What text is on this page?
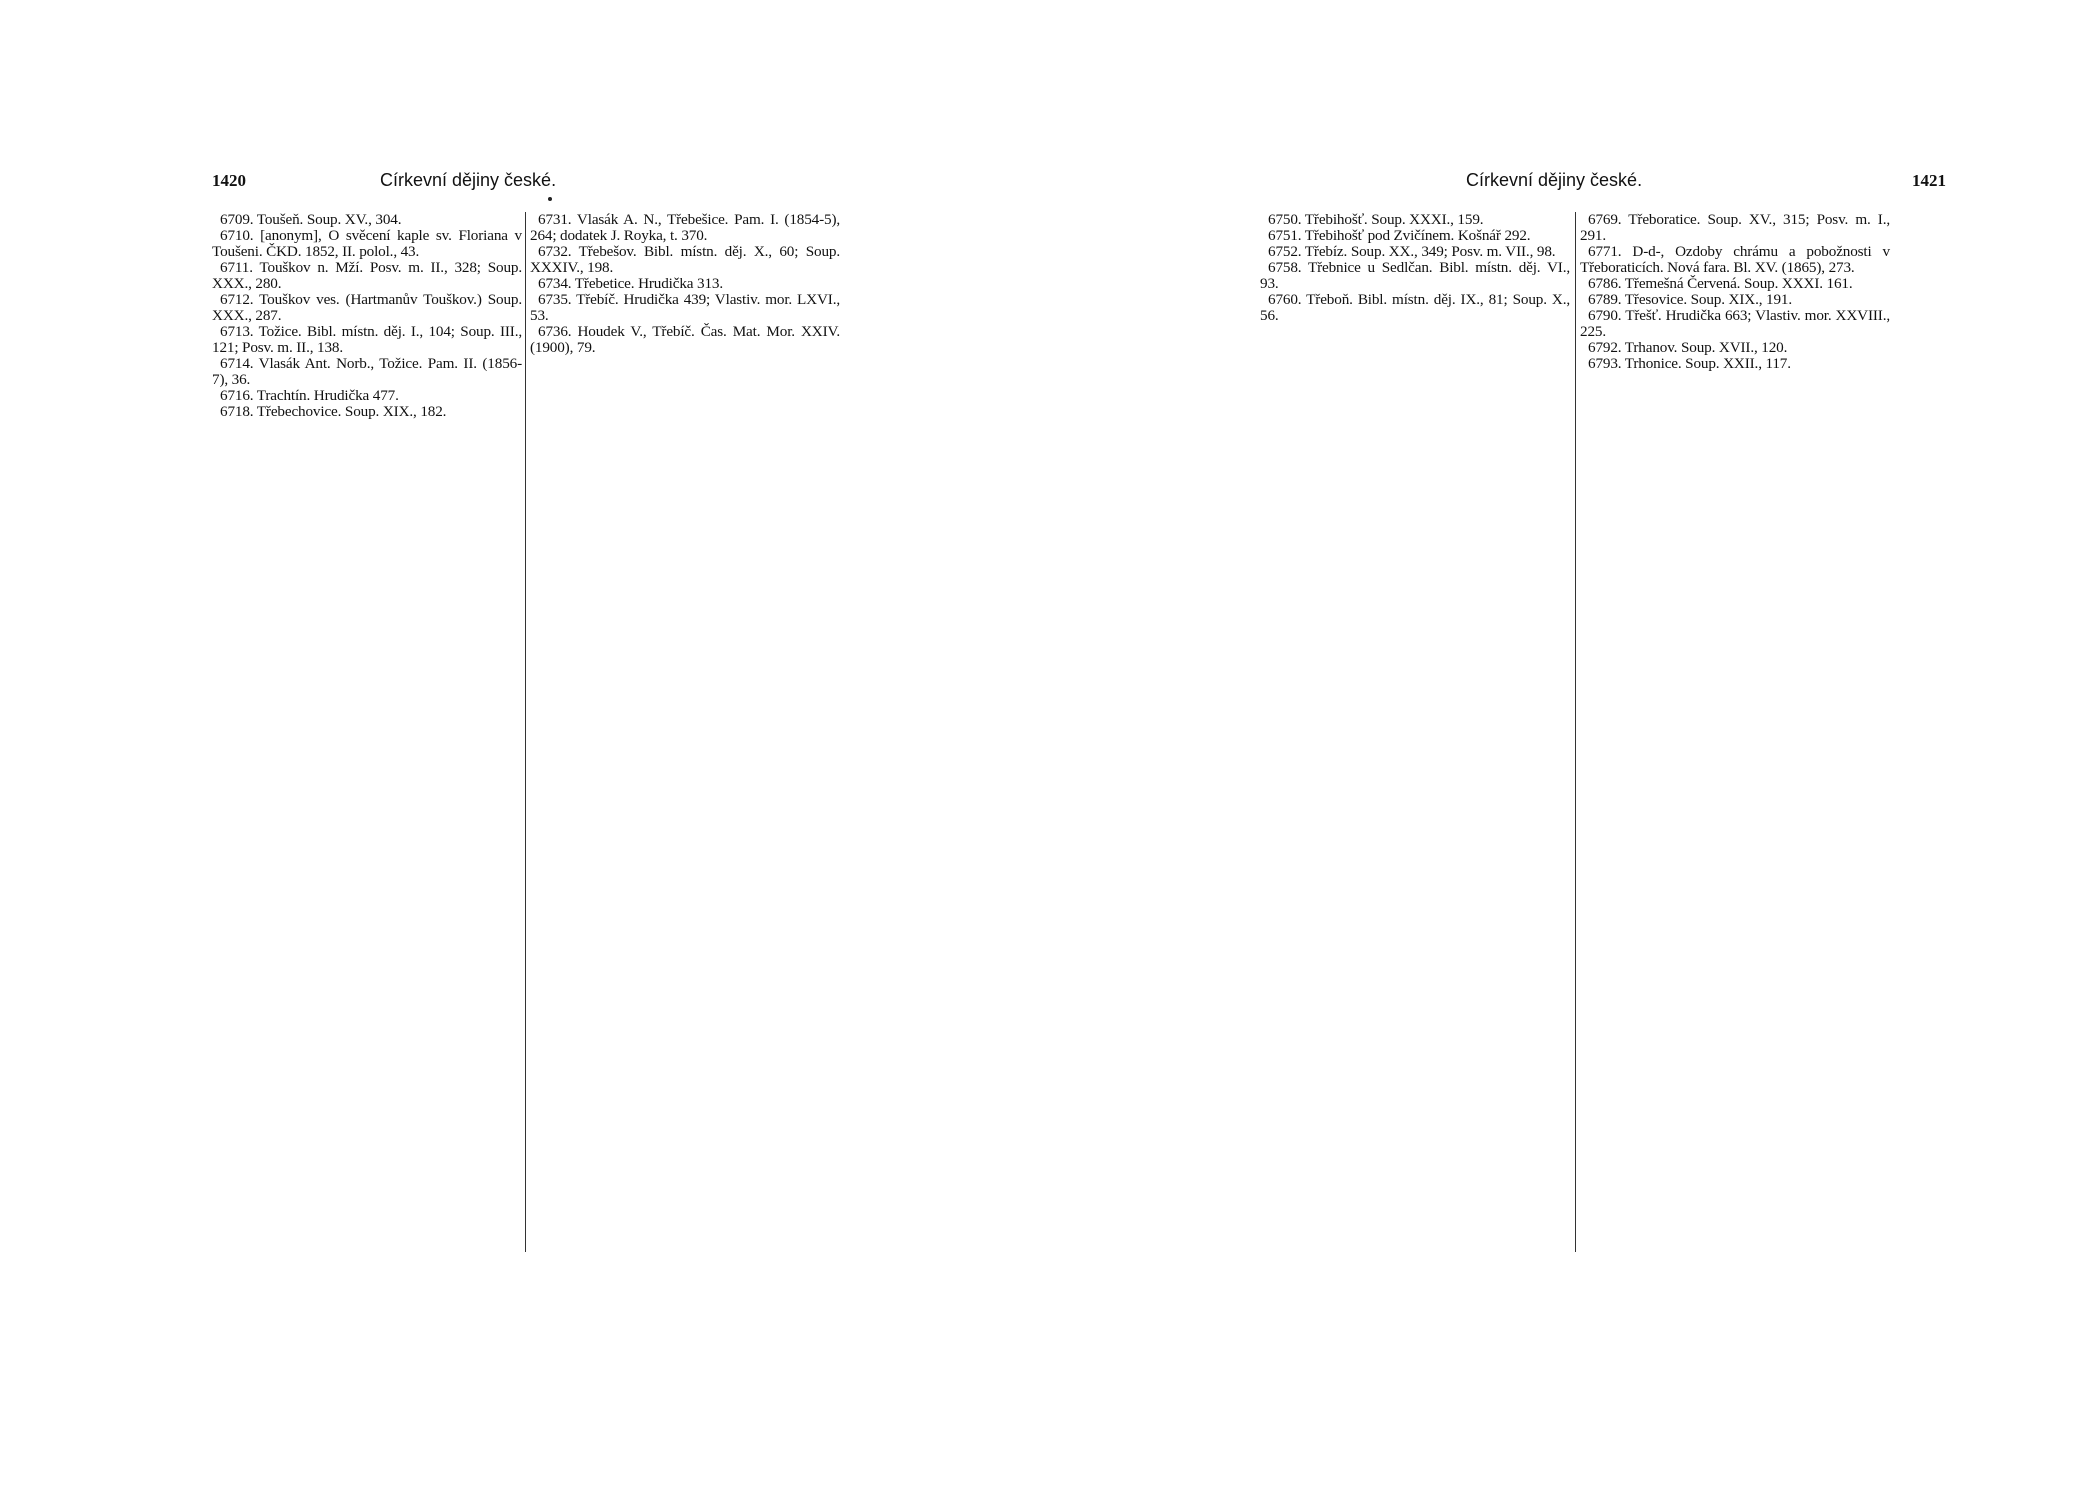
1420	Církevní dějiny české.
6709. Toušeň. Soup. XV., 304.
6710. [anonym], O svěcení kaple sv. Floriana v Toušeni. ČKD. 1852, II. polol., 43.
6711. Touškov n. Mží. Posv. m. II., 328; Soup. XXX., 280.
6712. Touškov ves. (Hartmanův Touškov.) Soup. XXX., 287.
6713. Tožice. Bibl. místn. děj. I., 104; Soup. III., 121; Posv. m. II., 138.
6714. Vlasák Ant. Norb., Tožice. Pam. II. (1856-7), 36.
6716. Trachtín. Hrudička 477.
6718. Třebechovice. Soup. XIX., 182.
6731. Vlasák A. N., Třebešice. Pam. I. (1854-5), 264; dodatek J. Royka, t. 370.
6732. Třebešov. Bibl. místn. děj. X., 60; Soup. XXXIV., 198.
6734. Třebetice. Hrudička 313.
6735. Třebíč. Hrudička 439; Vlastiv. mor. LXVI., 53.
6736. Houdek V., Třebíč. Čas. Mat. Mor. XXIV. (1900), 79.
1421
Církevní dějiny české.
6750. Třebihošť. Soup. XXXI., 159.
6751. Třebihošť pod Zvičínem. Košnář 292.
6752. Třebíz. Soup. XX., 349; Posv. m. VII., 98.
6758. Třebnice u Sedlčan. Bibl. místn. děj. VI., 93.
6760. Třeboň. Bibl. místn. děj. IX., 81; Soup. X., 56.
6769. Třeboratice. Soup. XV., 315; Posv. m. I., 291.
6771. D-d-, Ozdoby chrámu a pobožnosti v Třeboraticích. Nová fara. Bl. XV. (1865), 273.
6786. Třemešná Červená. Soup. XXXI. 161.
6789. Třesovice. Soup. XIX., 191.
6790. Třešť. Hrudička 663; Vlastiv. mor. XXVIII., 225.
6792. Trhanov. Soup. XVII., 120.
6793. Trhonice. Soup. XXII., 117.
